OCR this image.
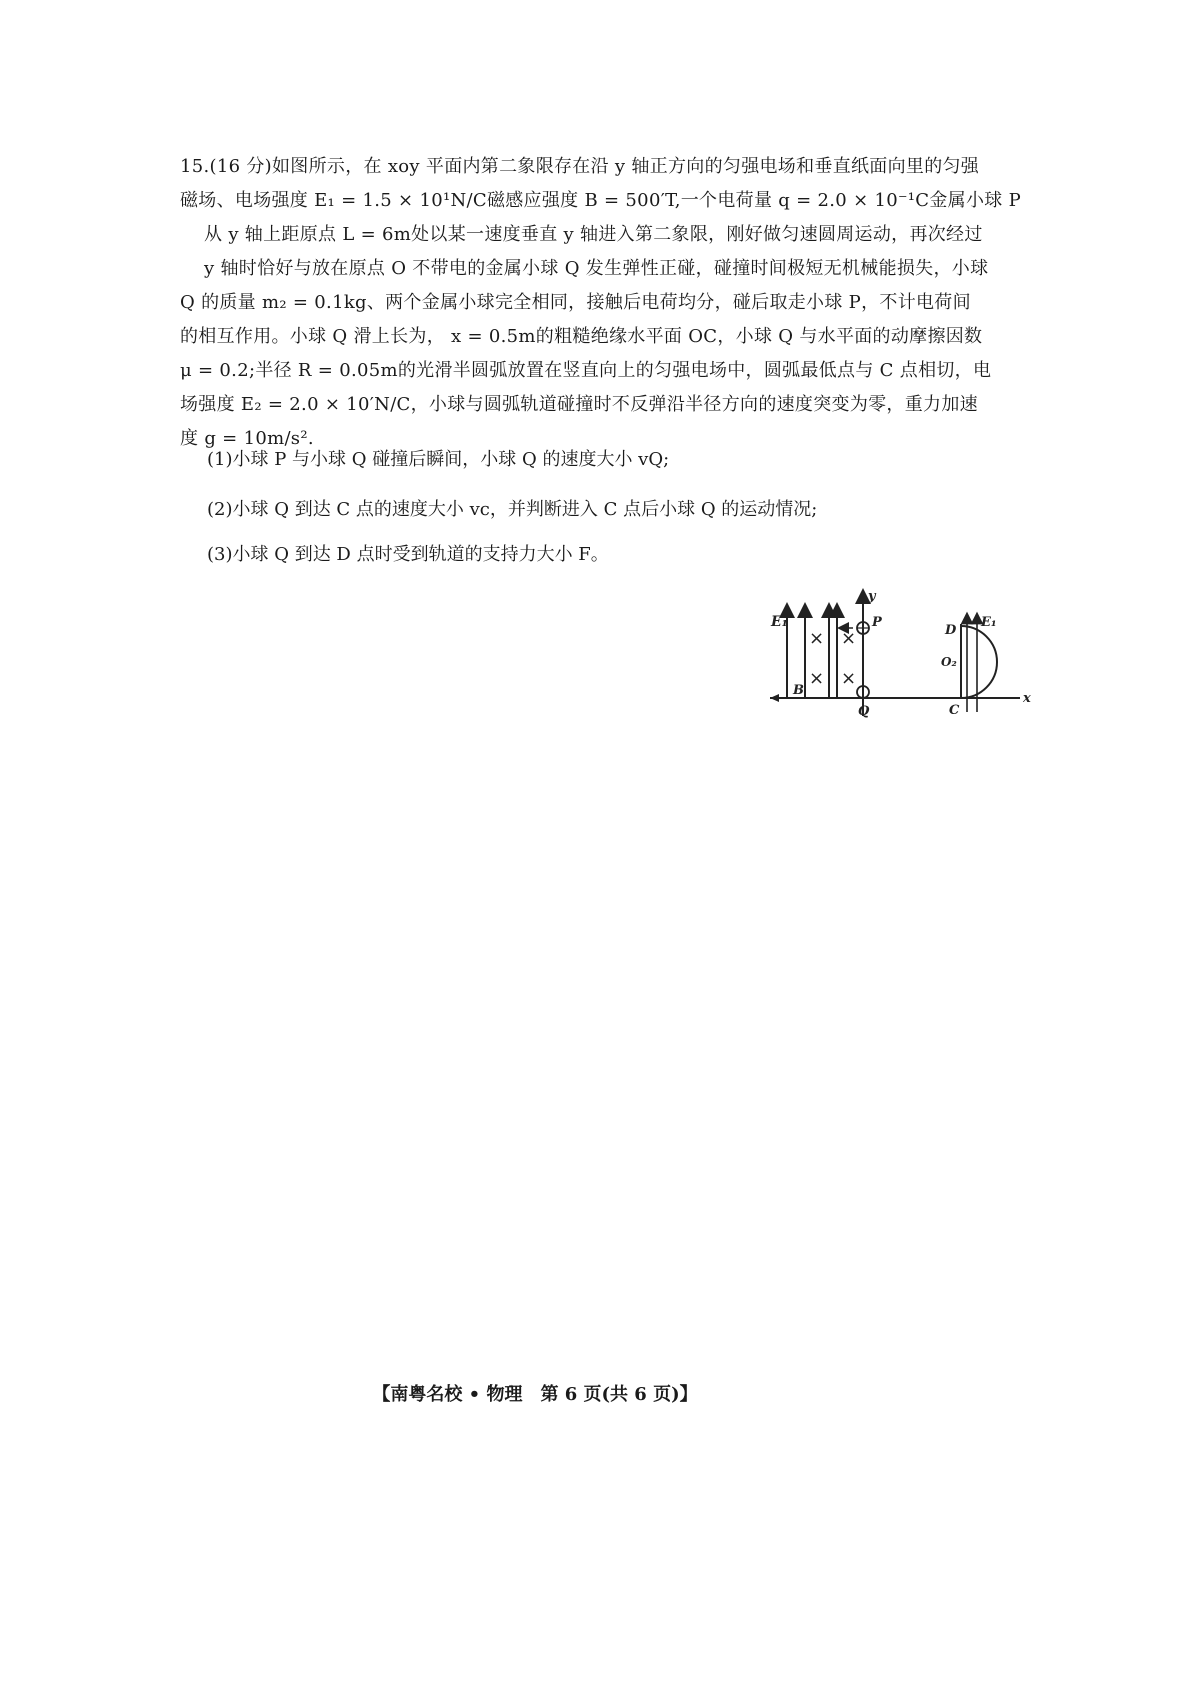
15.(16 分)如图所示，在 xoy 平面内第二象限存在沿 y 轴正方向的匀强电场和垂直纸面向里的匀强

磁场、电场强度 E₁ = 1.5 × 10¹N/C磁感应强度 B = 500′T,一个电荷量 q = 2.0 × 10⁻¹C金属小球 P

从 y 轴上距原点 L = 6m处以某一速度垂直 y 轴进入第二象限，刚好做匀速圆周运动，再次经过

y 轴时恰好与放在原点 O 不带电的金属小球 Q 发生弹性正碰，碰撞时间极短无机械能损失，小球

Q 的质量 m₂ = 0.1kg、两个金属小球完全相同，接触后电荷均分，碰后取走小球 P，不计电荷间

的相互作用。小球 Q 滑上长为， x = 0.5m的粗糙绝缘水平面 OC，小球 Q 与水平面的动摩擦因数

μ = 0.2;半径 R = 0.05m的光滑半圆弧放置在竖直向上的匀强电场中，圆弧最低点与 C 点相切，电

场强度 E₂ = 2.0 × 10′N/C，小球与圆弧轨道碰撞时不反弹沿半径方向的速度突变为零，重力加速

度 g = 10m/s².

(1)小球 P 与小球 Q 碰撞后瞬间，小球 Q 的速度大小 vQ;
(2)小球 Q 到达 C 点的速度大小 vc，并判断进入 C 点后小球 Q 的运动情况;
(3)小球 Q 到达 D 点时受到轨道的支持力大小 F。
×
×
×
×
E₁
B
y
P
Q
D
O₂
E₁
C
x
【南粤名校 • 物理　第 6 页(共 6 页)】
